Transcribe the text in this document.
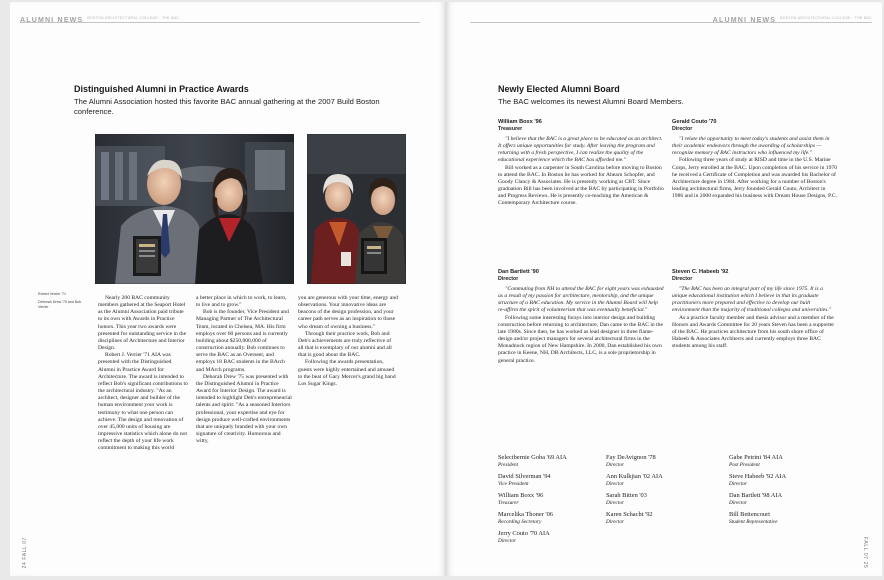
ALUMNI NEWS BOSTON ARCHITECTURAL COLLEGE · THE BAC
Distinguished Alumni in Practice Awards

The Alumni Association hosted this favorite BAC annual gathering at the 2007 Build Boston conference.

Robert Verrier '71
Deborah Drew '75 and Bob Verrier

Nearly 200 BAC community members gathered at the Seaport Hotel as the Alumni Association paid tribute to its own with Awards in Practice honors. This year two awards were presented for outstanding service in the disciplines of Architecture and Interior Design.

Robert J. Verrier '71 AIA was presented with the Distinguished Alumni in Practice Award for Architecture. The award is intended to reflect Bob's significant contributions to the architectural industry. "As an architect, designer and builder of the human environment your work is testimony to what one person can achieve. The design and renovation of over 45,000 units of housing are impressive statistics which alone do not reflect the depth of your life work commitment to making this world

a better place in which to work, to learn, to live and to grow."

Bob is the founder, Vice President and Managing Partner of The Architectural Team, located in Chelsea, MA. His firm employs over 60 persons and is currently building about $250,000,000 of construction annually. Bob continues to serve the BAC as an Overseer, and employs 18 BAC students in the BArch and MArch programs.

Deborah Drew '75 was presented with the Distinguished Alumni in Practice Award for Interior Design. The award is intended to highlight Deb's entrepreneurial talents and spirit: "As a seasoned Interiors professional, your expertise and eye for design produce well-crafted environments that are uniquely branded with your own signature of creativity. Humorous and witty,

you are generous with your time, energy and observations. Your innovative ideas are beacons of the design profession, and your career path serves as an inspiration to those who dream of owning a business."

Through their practice work, Bob and Deb's achievements are truly reflective of all that is exemplary of our alumni and all that is good about the BAC.

Following the awards presentation, guests were highly entertained and amused to the beat of Gary Mercer's grand big band Los Sugar Kings.

24 FALL 07
ALUMNI NEWS BOSTON ARCHITECTURAL COLLEGE · THE BAC
Newly Elected Alumni Board

The BAC welcomes its newest Alumni Board Members.

William Boxx '96
Treasurer

"I believe that the BAC is a great place to be educated as an architect. It offers unique opportunities for study. After leaving the program and returning with a fresh perspective, I can realize the quality of the educational experience which the BAC has afforded me."

Bill worked as a carpenter in South Carolina before moving to Boston to attend the BAC. In Boston he has worked for Ahearn Schopfer, and Goody Clancy & Associates. He is presently working at CBT. Since graduation Bill has been involved at the BAC by participating in Portfolio and Progress Reviews. He is presently co-teaching the American & Contemporary Architecture course.

Dan Bartlett '90
Director

"Commuting from NH to attend the BAC for eight years was exhausted as a result of my passion for architecture, mentorship, and the unique structure of a BAC education. My service in the Alumni Board will help re-affirm the spirit of volunteerism that was eventually beneficial."

Following some interesting forays into interior design and building construction before returning to architecture, Dan came to the BAC in the late 1980s. Since then, he has worked as lead designer in three flame-design and/or project managers for several architectural firms in the Monadnock region of New Hampshire. In 2000, Dan established his own practice in Keene, NH, DB Architects, LLC, is a sole proprietorship in general practice.

Gerald Couto '70
Director

"I relate the opportunity to meet today's students and assist them in their academic endeavors through the awarding of scholarships — recognize memory of BAC instructors who influenced my life."

Following three years of study at RISD and time in the U.S. Marine Corps, Jerry enrolled at the BAC. Upon completion of his service in 1970 he received a Certificate of Completion and was awarded his Bachelor of Architecture degree in 1984. After working for a number of Boston's leading architectural firms, Jerry founded Gerald Couto, Architect in 1986 and in 2000 expanded his business with Dream House Designs, P.C.

Steven C. Habeeb '92
Director

"The BAC has been an integral part of my life since 1975. It is a unique educational institution which I believe in that its graduate practitioners more prepared and effective to develop our built environment than the majority of traditional colleges and universities."

As a practice faculty member and thesis advisor and a member of the Honors and Awards Committee for 20 years Steven has been a supporter of the BAC. He practices architecture from his south shore office of Habeeb & Associates Architects and currently employs three BAC students among his staff.

Selectbernie Goba '69 AIA
President
David Silverman '94
Vice President
William Boxx '96
Treasurer
Marcelika Thoner '06
Recording Secretary
Jerry Couto '70 AIA
Director
Fay DeAvignon '78
Director
Ann Kulkjian '02 AIA
Director
Sarah Bitten '03
Director
Karen Schacht '92
Director
Gabe Petrini '84 AIA
Past President
Steve Habeeb '92 AIA
Director
Dan Bartlett '98 AIA
Director
Bill Bettencourt
Student Representative
FALL 07 25
